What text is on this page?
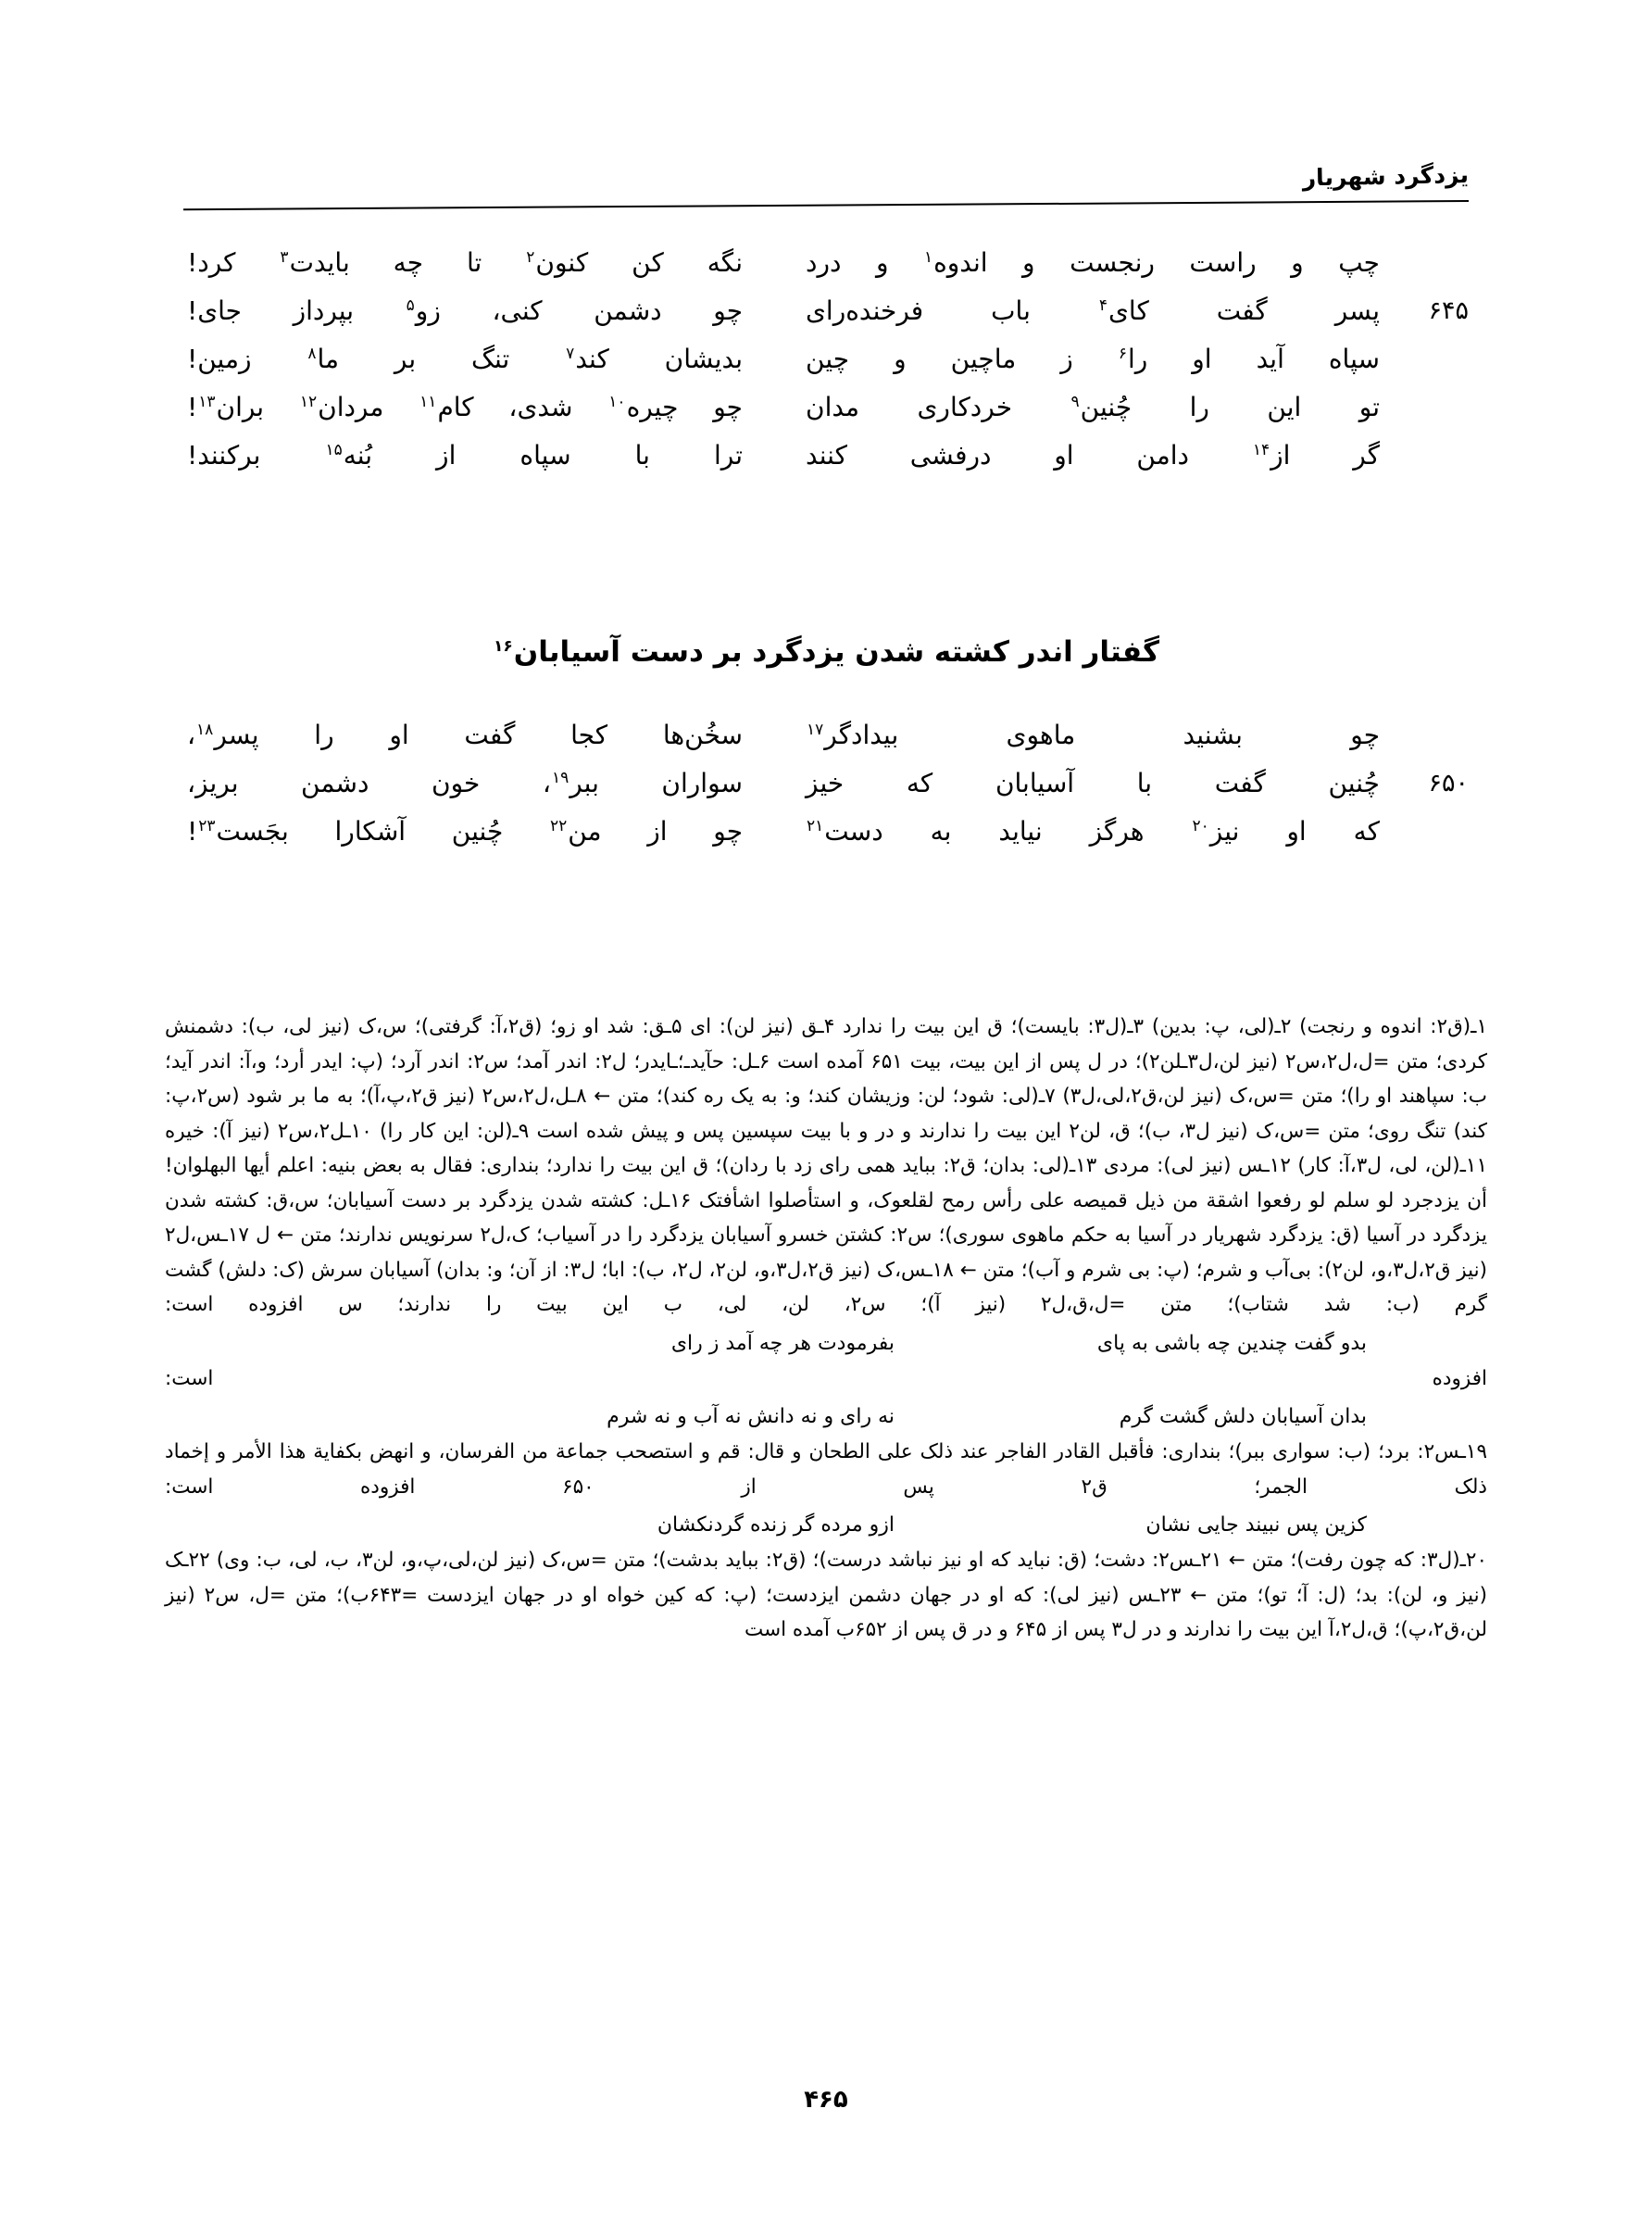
یزدگرد شهریار
چپ و راست رنجست و اندوه$^۱$ و درد
نگه کن کنون$^۲$ تا چه بایدت$^۳$ کرد!
۶۴۵
پسر گفت کای$^۴$ باب فرخنده‌رای
چو دشمن کنی، زو$^۵$ بپرداز جای!
سپاه آید او را$^۶$ ز ماچین و چین
بدیشان کند$^۷$ تنگ بر ما$^۸$ زمین!
تو این را چُنین$^۹$ خردکاری مدان
چو چیره$^{۱۰}$ شدی، کام$^{۱۱}$ مردان$^{۱۲}$ بران$^{۱۳}$!
گر از$^{۱۴}$ دامن او درفشی کنند
ترا با سپاه از بُنه$^{۱۵}$ برکنند!
گفتار اندر کشته شدن یزدگرد بر دست آسیابان$^{۱۶}$
چو بشنید ماهوی بیدادگر$^{۱۷}$
سخُن‌ها کجا گفت او را پسر$^{۱۸}$،
۶۵۰
چُنین گفت با آسیابان که خیز
سواران ببر$^{۱۹}$، خون دشمن بریز،
که او نیز$^{۲۰}$ هرگز نیاید به دست$^{۲۱}$
چو از من$^{۲۲}$ چُنین آشکارا بجَست$^{۲۳}$!

۱ـ(ق۲: اندوه و رنجت) ۲ـ(لی، پ: بدین) ۳ـ(ل۳: بایست)؛ ق این بیت را ندارد ۴ـق (نیز لن): ای ۵ـق: شد او زو؛ (ق۲،آ: گرفتی)؛ س،ک (نیز لی، ب): دشمنش کردی؛ متن =ل،ل۲،س۲ (نیز لن،ل۳ـلن۲)؛ در ل پس از این بیت، بیت ۶۵۱ آمده است ۶ـل: حآیدـ؛ـایدر؛ ل۲: اندر آمد؛ س۲: اندر آرد؛ (پ: ایدر أرد؛ و،آ: اندر آید؛ ب: سپاهند او را)؛ متن =س،ک (نیز لن،ق۲،لی،ل۳) ۷ـ(لی: شود؛ لن: وزیشان کند؛ و: به یک ره کند)؛ متن ← ۸ـل،ل۲،س۲ (نیز ق۲،پ،آ)؛ به ما بر شود (س۲،پ: کند) تنگ روی؛ متن =س،ک (نیز ل۳، ب)؛ ق، لن۲ این بیت را ندارند و در و با بیت سپسین پس و پیش شده است ۹ـ(لن: این کار را) ۱۰ـل۲،س۲ (نیز آ): خیره ۱۱ـ(لن، لی، ل۳،آ: کار) ۱۲ـس (نیز لی): مردی ۱۳ـ(لی: بدان؛ ق۲: بباید همی رای زد با ردان)؛ ق این بیت را ندارد؛ بنداری: فقال به بعض بنیه: اعلم أیها البهلوان! أن یزدجرد لو سلم لو رفعوا اشقة من ذیل قمیصه علی رأس رمح لقلعوک، و استأصلوا اشأفتک ۱۶ـل: کشته شدن یزدگرد بر دست آسیابان؛ س،ق: کشته شدن یزدگرد در آسیا (ق: یزدگرد شهریار در آسیا به حکم ماهوی سوری)؛ س۲: کشتن خسرو آسیابان یزدگرد را در آسیاب؛ ک،ل۲ سرنویس ندارند؛ متن ← ل ۱۷ـس،ل۲ (نیز ق۲،ل۳،و، لن۲): بی‌آب و شرم؛ (پ: بی شرم و آب)؛ متن ← ۱۸ـس،ک (نیز ق۲،ل۳،و، لن۲، ل۲، ب): ابا؛ ل۳: از آن؛ و: بدان) آسیابان سرش (ک: دلش) گشت گرم (ب: شد شتاب)؛ متن =ل،ق،ل۲ (نیز آ)؛ س۲، لن، لی، ب این بیت را ندارند؛ س افزوده است:

بدو گفت چندین چه باشی به پای
بفرمودت هر چه آمد ز رای

افزوده است:

بدان آسیابان دلش گشت گرم
نه رای و نه دانش نه آب و نه شرم

۱۹ـس۲: برد؛ (ب: سواری ببر)؛ بنداری: فأقبل القادر الفاجر عند ذلک علی الطحان و قال: قم و استصحب جماعة من الفرسان، و انهض بکفایة هذا الأمر و إخماد ذلک الجمر؛ ق۲ پس از ۶۵۰ افزوده است:

کزین پس نبیند جایی نشان
ازو مرده گر زنده گردنکشان

۲۰ـ(ل۳: که چون رفت)؛ متن ← ۲۱ـس۲: دشت؛ (ق: نباید که او نیز نباشد درست)؛ (ق۲: بباید بدشت)؛ متن =س،ک (نیز لن،لی،پ،و، لن۳، ب، لی، ب: وی) ۲۲ـک (نیز و، لن): بد؛ (ل: آ؛ تو)؛ متن ← ۲۳ـس (نیز لی): که او در جهان دشمن ایزدست؛ (پ: که کین خواه او در جهان ایزدست =۶۴۳ب)؛ متن =ل، س۲ (نیز لن،ق۲،پ)؛ ق،ل۲،آ این بیت را ندارند و در ل۳ پس از ۶۴۵ و در ق پس از ۶۵۲ب آمده است

۴۶۵
